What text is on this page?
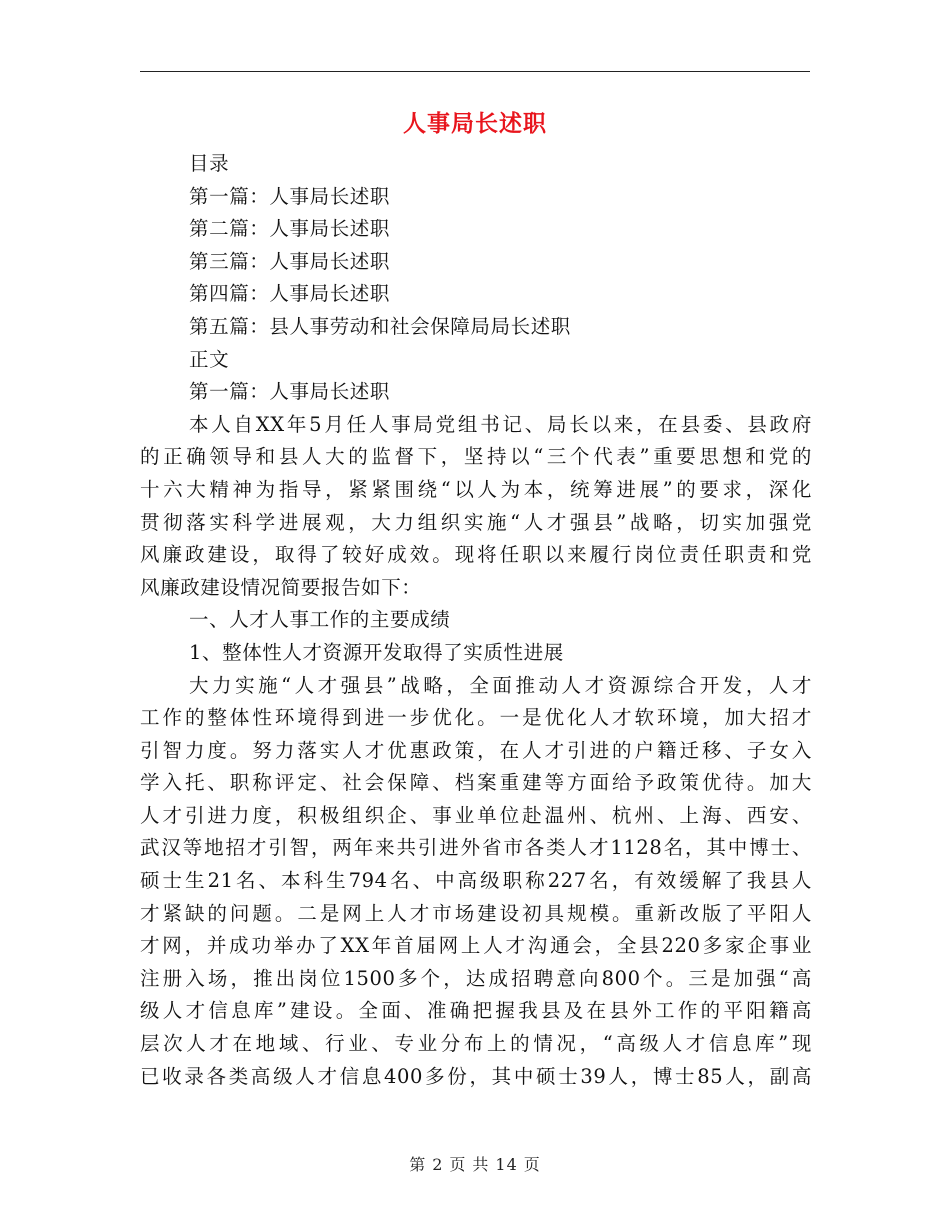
人事局长述职
目录
第一篇：人事局长述职
第二篇：人事局长述职
第三篇：人事局长述职
第四篇：人事局长述职
第五篇：县人事劳动和社会保障局局长述职
正文
第一篇：人事局长述职
本人自XX年5月任人事局党组书记、局长以来，在县委、县政府
的正确领导和县人大的监督下，坚持以“三个代表”重要思想和党的
十六大精神为指导，紧紧围绕“以人为本，统筹进展”的要求，深化
贯彻落实科学进展观，大力组织实施“人才强县”战略，切实加强党
风廉政建设，取得了较好成效。现将任职以来履行岗位责任职责和党
风廉政建设情况简要报告如下：
一、人才人事工作的主要成绩
1、整体性人才资源开发取得了实质性进展
大力实施“人才强县”战略，全面推动人才资源综合开发，人才
工作的整体性环境得到进一步优化。一是优化人才软环境，加大招才
引智力度。努力落实人才优惠政策，在人才引进的户籍迁移、子女入
学入托、职称评定、社会保障、档案重建等方面给予政策优待。加大
人才引进力度，积极组织企、事业单位赴温州、杭州、上海、西安、
武汉等地招才引智，两年来共引进外省市各类人才1128名，其中博士、
硕士生21名、本科生794名、中高级职称227名，有效缓解了我县人
才紧缺的问题。二是网上人才市场建设初具规模。重新改版了平阳人
才网，并成功举办了XX年首届网上人才沟通会，全县220多家企事业
注册入场，推出岗位1500多个，达成招聘意向800个。三是加强“高
级人才信息库”建设。全面、准确把握我县及在县外工作的平阳籍高
层次人才在地域、行业、专业分布上的情况，“高级人才信息库”现
已收录各类高级人才信息400多份，其中硕士39人，博士85人，副高
第 2 页 共 14 页
